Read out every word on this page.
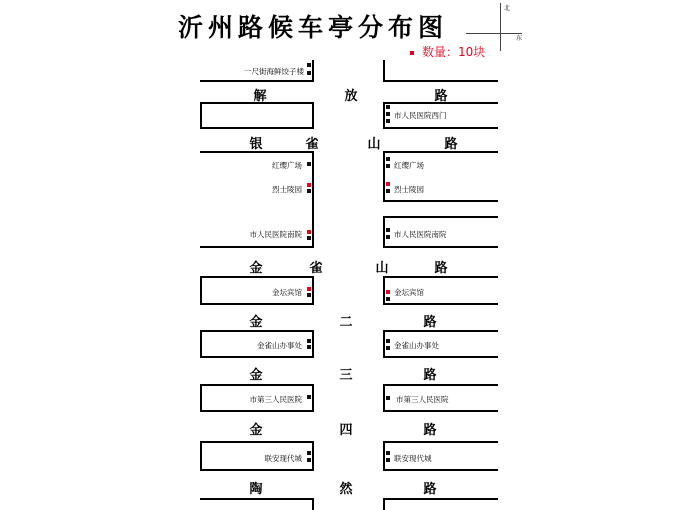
沂州路候车亭分布图
数量：10块
北
东
解	放	路
银	雀	山	路
金	雀	山	路
金	二	路
金	三	路
金	四	路
陶	然	路
一尺街海鲜饺子楼
红缨广场
烈士陵园
市人民医院南院
金坛宾馆
金雀山办事处
市第三人民医院
联安现代城
市人民医院西门
红缨广场
烈士陵园
市人民医院南院
金坛宾馆
金雀山办事处
市第三人民医院
联安现代城
